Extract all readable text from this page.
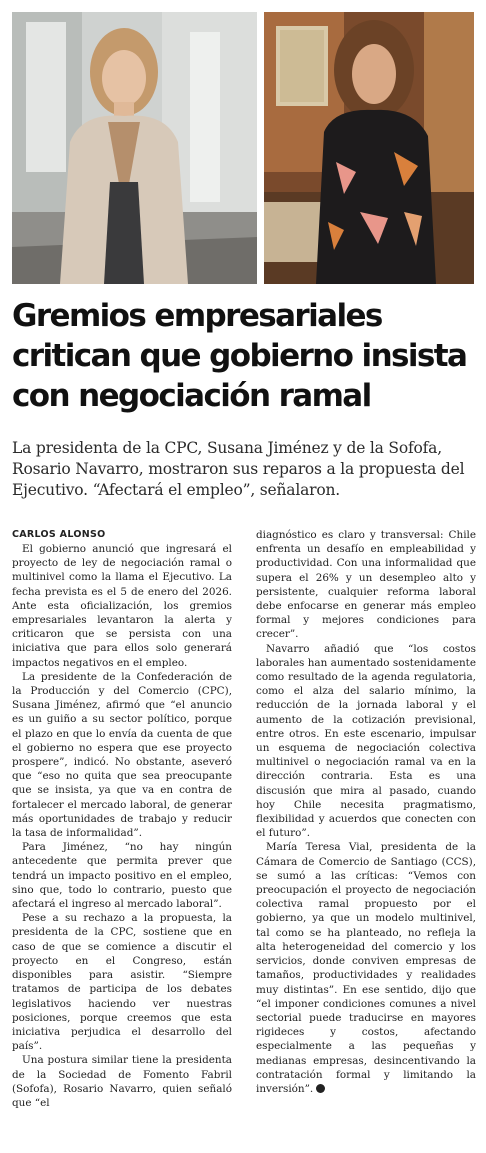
Gremios empresariales critican que gobierno insista con negociación ramal

La presidenta de la CPC, Susana Jiménez y de la Sofofa, Rosario Navarro, mostraron sus reparos a la propuesta del Ejecutivo. “Afectará el empleo”, señalaron.

CARLOS ALONSO

El gobierno anunció que ingresará el proyecto de ley de negociación ramal o multinivel como la llama el Ejecutivo. La fecha prevista es el 5 de enero del 2026. Ante esta oficialización, los gremios empresariales levantaron la alerta y criticaron que se persista con una iniciativa que para ellos solo generará impactos negativos en el empleo.

La presidente de la Confederación de la Producción y del Comercio (CPC), Susana Jiménez, afirmó que “el anuncio es un guiño a su sector político, porque el plazo en que lo envía da cuenta de que el gobierno no espera que ese proyecto prospere”, indicó. No obstante, aseveró que “eso no quita que sea preocupante que se insista, ya que va en contra de fortalecer el mercado laboral, de generar más oportunidades de trabajo y reducir la tasa de informalidad”.

Para Jiménez, “no hay ningún antecedente que permita prever que tendrá un impacto positivo en el empleo, sino que, todo lo contrario, puesto que afectará el ingreso al mercado laboral”.

Pese a su rechazo a la propuesta, la presidenta de la CPC, sostiene que en caso de que se comience a discutir el proyecto en el Congreso, están disponibles para asistir. “Siempre tratamos de participa de los debates legislativos haciendo ver nuestras posiciones, porque creemos que esta iniciativa perjudica el desarrollo del país”.

Una postura similar tiene la presidenta de la Sociedad de Fomento Fabril (Sofofa), Rosario Navarro, quien señaló que “el

diagnóstico es claro y transversal: Chile enfrenta un desafío en empleabilidad y productividad. Con una informalidad que supera el 26% y un desempleo alto y persistente, cualquier reforma laboral debe enfocarse en generar más empleo formal y mejores condiciones para crecer”.

Navarro añadió que “los costos laborales han aumentado sostenidamente como resultado de la agenda regulatoria, como el alza del salario mínimo, la reducción de la jornada laboral y el aumento de la cotización previsional, entre otros. En este escenario, impulsar un esquema de negociación colectiva multinivel o negociación ramal va en la dirección contraria. Esta es una discusión que mira al pasado, cuando hoy Chile necesita pragmatismo, flexibilidad y acuerdos que conecten con el futuro”.

María Teresa Vial, presidenta de la Cámara de Comercio de Santiago (CCS), se sumó a las críticas: “Vemos con preocupación el proyecto de negociación colectiva ramal propuesto por el gobierno, ya que un modelo multinivel, tal como se ha planteado, no refleja la alta heterogeneidad del comercio y los servicios, donde conviven empresas de tamaños, productividades y realidades muy distintas”. En ese sentido, dijo que “el imponer condiciones comunes a nivel sectorial puede traducirse en mayores rigideces y costos, afectando especialmente a las pequeñas y medianas empresas, desincentivando la contratación formal y limitando la inversión”.
